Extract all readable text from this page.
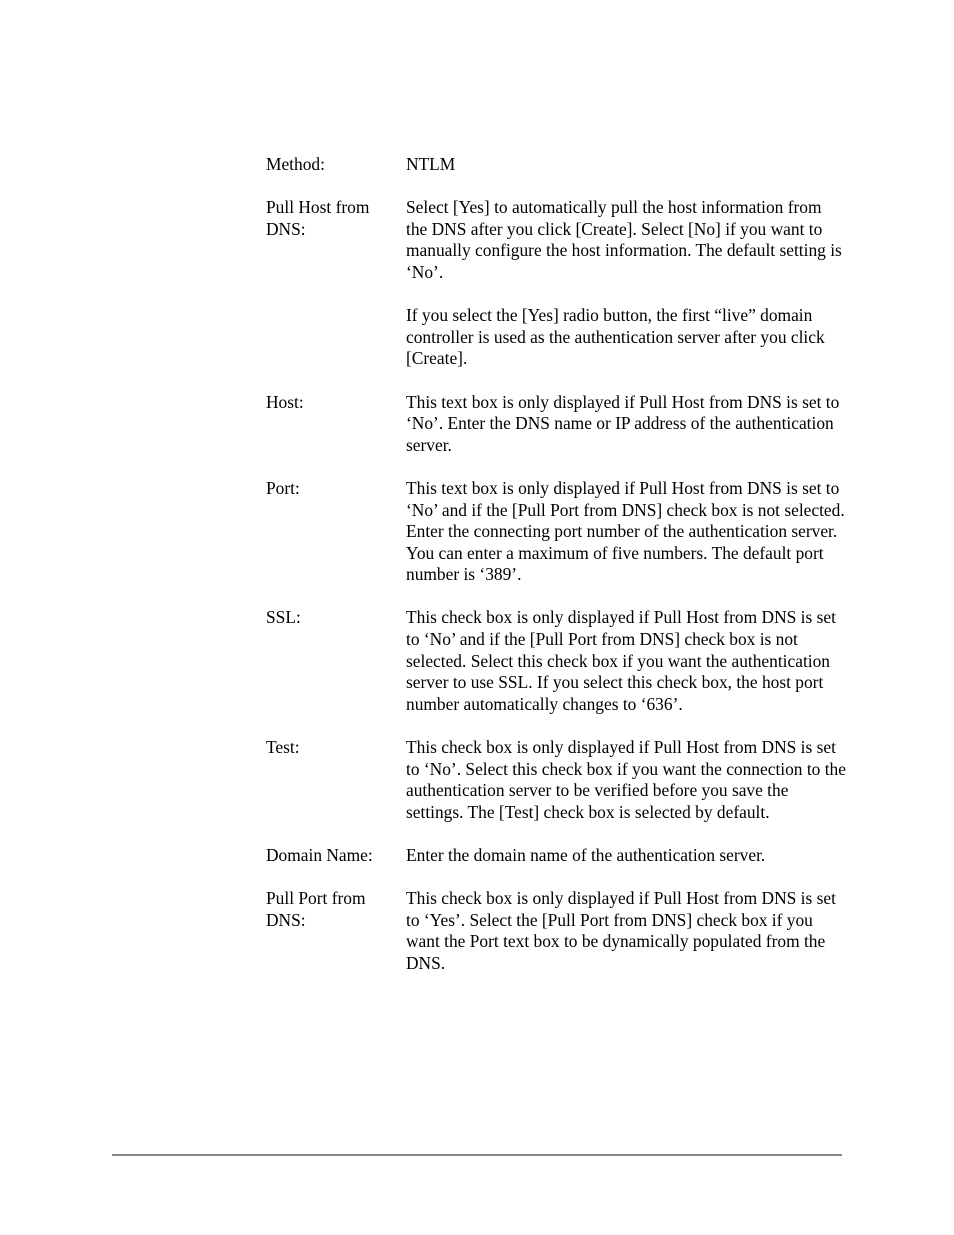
Method:	NTLM

Pull Host from
DNS:

Select [Yes] to automatically pull the host information from the DNS after you click [Create]. Select [No] if you want to manually configure the host information. The default setting is ‘No’.

If you select the [Yes] radio button, the first “live” domain controller is used as the authentication server after you click [Create].

Host:	This text box is only displayed if Pull Host from DNS is set to ‘No’. Enter the DNS name or IP address of the authentication server.

Port:	This text box is only displayed if Pull Host from DNS is set to ‘No’ and if the [Pull Port from DNS] check box is not selected. Enter the connecting port number of the authentication server. You can enter a maximum of five numbers. The default port number is ‘389’.

SSL:	This check box is only displayed if Pull Host from DNS is set to ‘No’ and if the [Pull Port from DNS] check box is not selected. Select this check box if you want the authentication server to use SSL. If you select this check box, the host port number automatically changes to ‘636’.

Test:	This check box is only displayed if Pull Host from DNS is set to ‘No’. Select this check box if you want the connection to the authentication server to be verified before you save the settings. The [Test] check box is selected by default.

Domain Name:	Enter the domain name of the authentication server.

Pull Port from
DNS:

This check box is only displayed if Pull Host from DNS is set to ‘Yes’. Select the [Pull Port from DNS] check box if you want the Port text box to be dynamically populated from the DNS.
